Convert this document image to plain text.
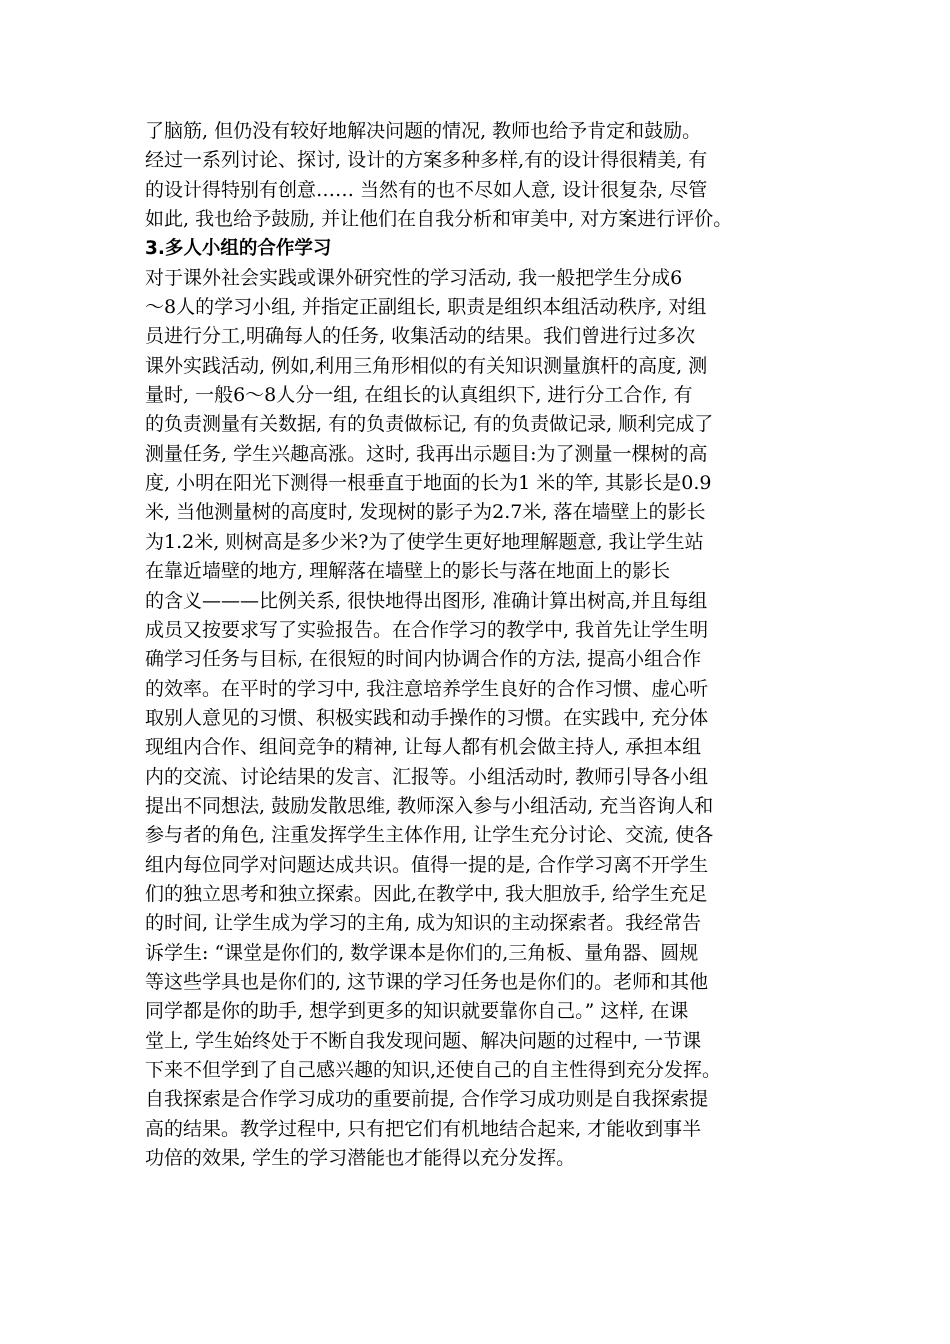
了脑筋, 但仍没有较好地解决问题的情况, 教师也给予肯定和鼓励。
经过一系列讨论、探讨, 设计的方案多种多样,有的设计得很精美, 有
的设计得特别有创意…… 当然有的也不尽如人意, 设计很复杂, 尽管
如此, 我也给予鼓励, 并让他们在自我分析和审美中, 对方案进行评价。
3.多人小组的合作学习
对于课外社会实践或课外研究性的学习活动, 我一般把学生分成6
～8人的学习小组, 并指定正副组长, 职责是组织本组活动秩序, 对组
员进行分工,明确每人的任务, 收集活动的结果。我们曾进行过多次
课外实践活动, 例如,利用三角形相似的有关知识测量旗杆的高度, 测
量时, 一般6～8人分一组, 在组长的认真组织下, 进行分工合作, 有
的负责测量有关数据, 有的负责做标记, 有的负责做记录, 顺利完成了
测量任务, 学生兴趣高涨。这时, 我再出示题目:为了测量一棵树的高
度, 小明在阳光下测得一根垂直于地面的长为1 米的竿, 其影长是0.9
米, 当他测量树的高度时, 发现树的影子为2.7米, 落在墙壁上的影长
为1.2米, 则树高是多少米?为了使学生更好地理解题意, 我让学生站
在靠近墙壁的地方, 理解落在墙壁上的影长与落在地面上的影长
的含义———比例关系, 很快地得出图形, 准确计算出树高,并且每组
成员又按要求写了实验报告。在合作学习的教学中, 我首先让学生明
确学习任务与目标, 在很短的时间内协调合作的方法, 提高小组合作
的效率。在平时的学习中, 我注意培养学生良好的合作习惯、虚心听
取别人意见的习惯、积极实践和动手操作的习惯。在实践中, 充分体
现组内合作、组间竞争的精神, 让每人都有机会做主持人, 承担本组
内的交流、讨论结果的发言、汇报等。小组活动时, 教师引导各小组
提出不同想法, 鼓励发散思维, 教师深入参与小组活动, 充当咨询人和
参与者的角色, 注重发挥学生主体作用, 让学生充分讨论、交流, 使各
组内每位同学对问题达成共识。值得一提的是, 合作学习离不开学生
们的独立思考和独立探索。因此,在教学中, 我大胆放手, 给学生充足
的时间, 让学生成为学习的主角, 成为知识的主动探索者。我经常告
诉学生: “课堂是你们的, 数学课本是你们的,三角板、量角器、圆规
等这些学具也是你们的, 这节课的学习任务也是你们的。老师和其他
同学都是你的助手, 想学到更多的知识就要靠你自己。” 这样, 在课
堂上, 学生始终处于不断自我发现问题、解决问题的过程中, 一节课
下来不但学到了自己感兴趣的知识,还使自己的自主性得到充分发挥。
自我探索是合作学习成功的重要前提, 合作学习成功则是自我探索提
高的结果。教学过程中, 只有把它们有机地结合起来, 才能收到事半
功倍的效果, 学生的学习潜能也才能得以充分发挥。
